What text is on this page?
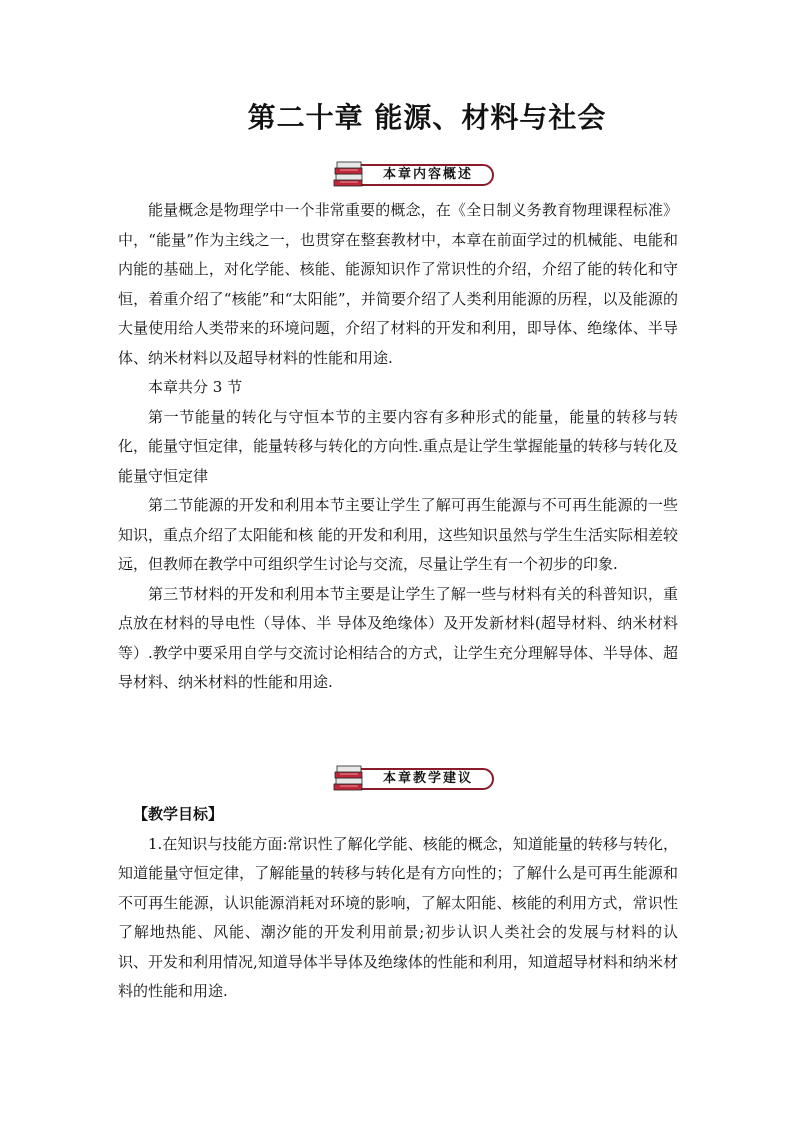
第二十章 能源、材料与社会
本章内容概述

能量概念是物理学中一个非常重要的概念，在《全日制义务教育物理课程标准》中，“能量”作为主线之一，也贯穿在整套教材中，本章在前面学过的机械能、电能和内能的基础上，对化学能、核能、能源知识作了常识性的介绍，介绍了能的转化和守恒，着重介绍了“核能”和“太阳能”，并简要介绍了人类利用能源的历程，以及能源的大量使用给人类带来的环境问题，介绍了材料的开发和利用，即导体、绝缘体、半导体、纳米材料以及超导材料的性能和用途.

本章共分 3 节

第一节能量的转化与守恒本节的主要内容有多种形式的能量，能量的转移与转化，能量守恒定律，能量转移与转化的方向性.重点是让学生掌握能量的转移与转化及能量守恒定律

第二节能源的开发和利用本节主要让学生了解可再生能源与不可再生能源的一些知识，重点介绍了太阳能和核 能的开发和利用，这些知识虽然与学生生活实际相差较远，但教师在教学中可组织学生讨论与交流，尽量让学生有一个初步的印象.

第三节材料的开发和利用本节主要是让学生了解一些与材料有关的科普知识，重点放在材料的导电性（导体、半 导体及绝缘体）及开发新材料(超导材料、纳米材料等）.教学中要采用自学与交流讨论相结合的方式，让学生充分理解导体、半导体、超导材料、纳米材料的性能和用途.

本章教学建议

【教学目标】

1.在知识与技能方面:常识性了解化学能、核能的概念，知道能量的转移与转化，知道能量守恒定律，了解能量的转移与转化是有方向性的；了解什么是可再生能源和不可再生能源，认识能源消耗对环境的影响，了解太阳能、核能的利用方式，常识性了解地热能、风能、潮汐能的开发利用前景;初步认识人类社会的发展与材料的认识、开发和利用情况,知道导体半导体及绝缘体的性能和利用，知道超导材料和纳米材料的性能和用途.
